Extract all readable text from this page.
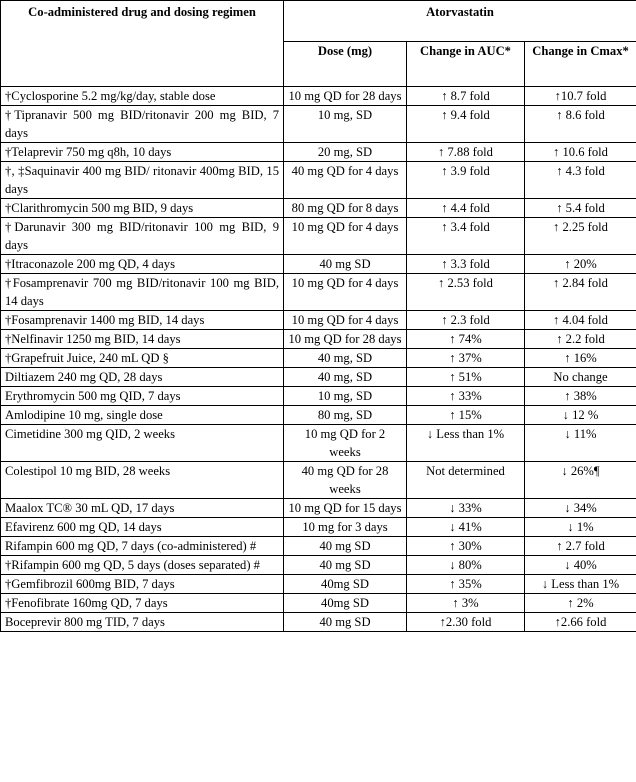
Co-administered drug and dosing regimen	Atorvastatin		
	Dose (mg)	Change in AUC*	Change in Cmax*
†Cyclosporine 5.2 mg/kg/day, stable dose	10 mg QD for 28 days	↑ 8.7 fold	↑10.7 fold
†Tipranavir 500 mg BID/ritonavir 200 mg BID, 7 days	10 mg, SD	↑ 9.4 fold	↑ 8.6 fold
†Telaprevir 750 mg q8h, 10 days	20 mg, SD	↑ 7.88 fold	↑ 10.6 fold
†, ‡Saquinavir 400 mg BID/ ritonavir 400mg BID, 15 days	40 mg QD for 4 days	↑ 3.9 fold	↑ 4.3 fold
†Clarithromycin 500 mg BID, 9 days	80 mg QD for 8 days	↑ 4.4 fold	↑ 5.4 fold
†Darunavir 300 mg BID/ritonavir 100 mg BID, 9 days	10 mg QD for 4 days	↑ 3.4 fold	↑ 2.25 fold
†Itraconazole 200 mg QD, 4 days	40 mg SD	↑ 3.3 fold	↑ 20%
†Fosamprenavir 700 mg BID/ritonavir 100 mg BID, 14 days	10 mg QD for 4 days	↑ 2.53 fold	↑ 2.84 fold
†Fosamprenavir 1400 mg BID, 14 days	10 mg QD for 4 days	↑ 2.3 fold	↑ 4.04 fold
†Nelfinavir 1250 mg BID, 14 days	10 mg QD for 28 days	↑ 74%	↑ 2.2 fold
†Grapefruit Juice, 240 mL QD §	40 mg, SD	↑ 37%	↑ 16%
Diltiazem 240 mg QD, 28 days	40 mg, SD	↑ 51%	No change
Erythromycin 500 mg QID, 7 days	10 mg, SD	↑ 33%	↑ 38%
Amlodipine 10 mg, single dose	80 mg, SD	↑ 15%	↓ 12 %
Cimetidine 300 mg QID, 2 weeks	10 mg QD for 2 weeks	↓ Less than 1%	↓ 11%
Colestipol 10 mg BID, 28 weeks	40 mg QD for 28 weeks	Not determined	↓ 26%¶
Maalox TC® 30 mL QD, 17 days	10 mg QD for 15 days	↓ 33%	↓ 34%
Efavirenz 600 mg QD, 14 days	10 mg for 3 days	↓ 41%	↓ 1%
Rifampin 600 mg QD, 7 days (co-administered) #	40 mg SD	↑ 30%	↑ 2.7 fold
†Rifampin 600 mg QD, 5 days (doses separated) #	40 mg SD	↓ 80%	↓ 40%
†Gemfibrozil 600mg BID, 7 days	40mg SD	↑ 35%	↓ Less than 1%
†Fenofibrate 160mg QD, 7 days	40mg SD	↑ 3%	↑ 2%
Boceprevir 800 mg TID, 7 days	40 mg SD	↑2.30 fold	↑2.66 fold
